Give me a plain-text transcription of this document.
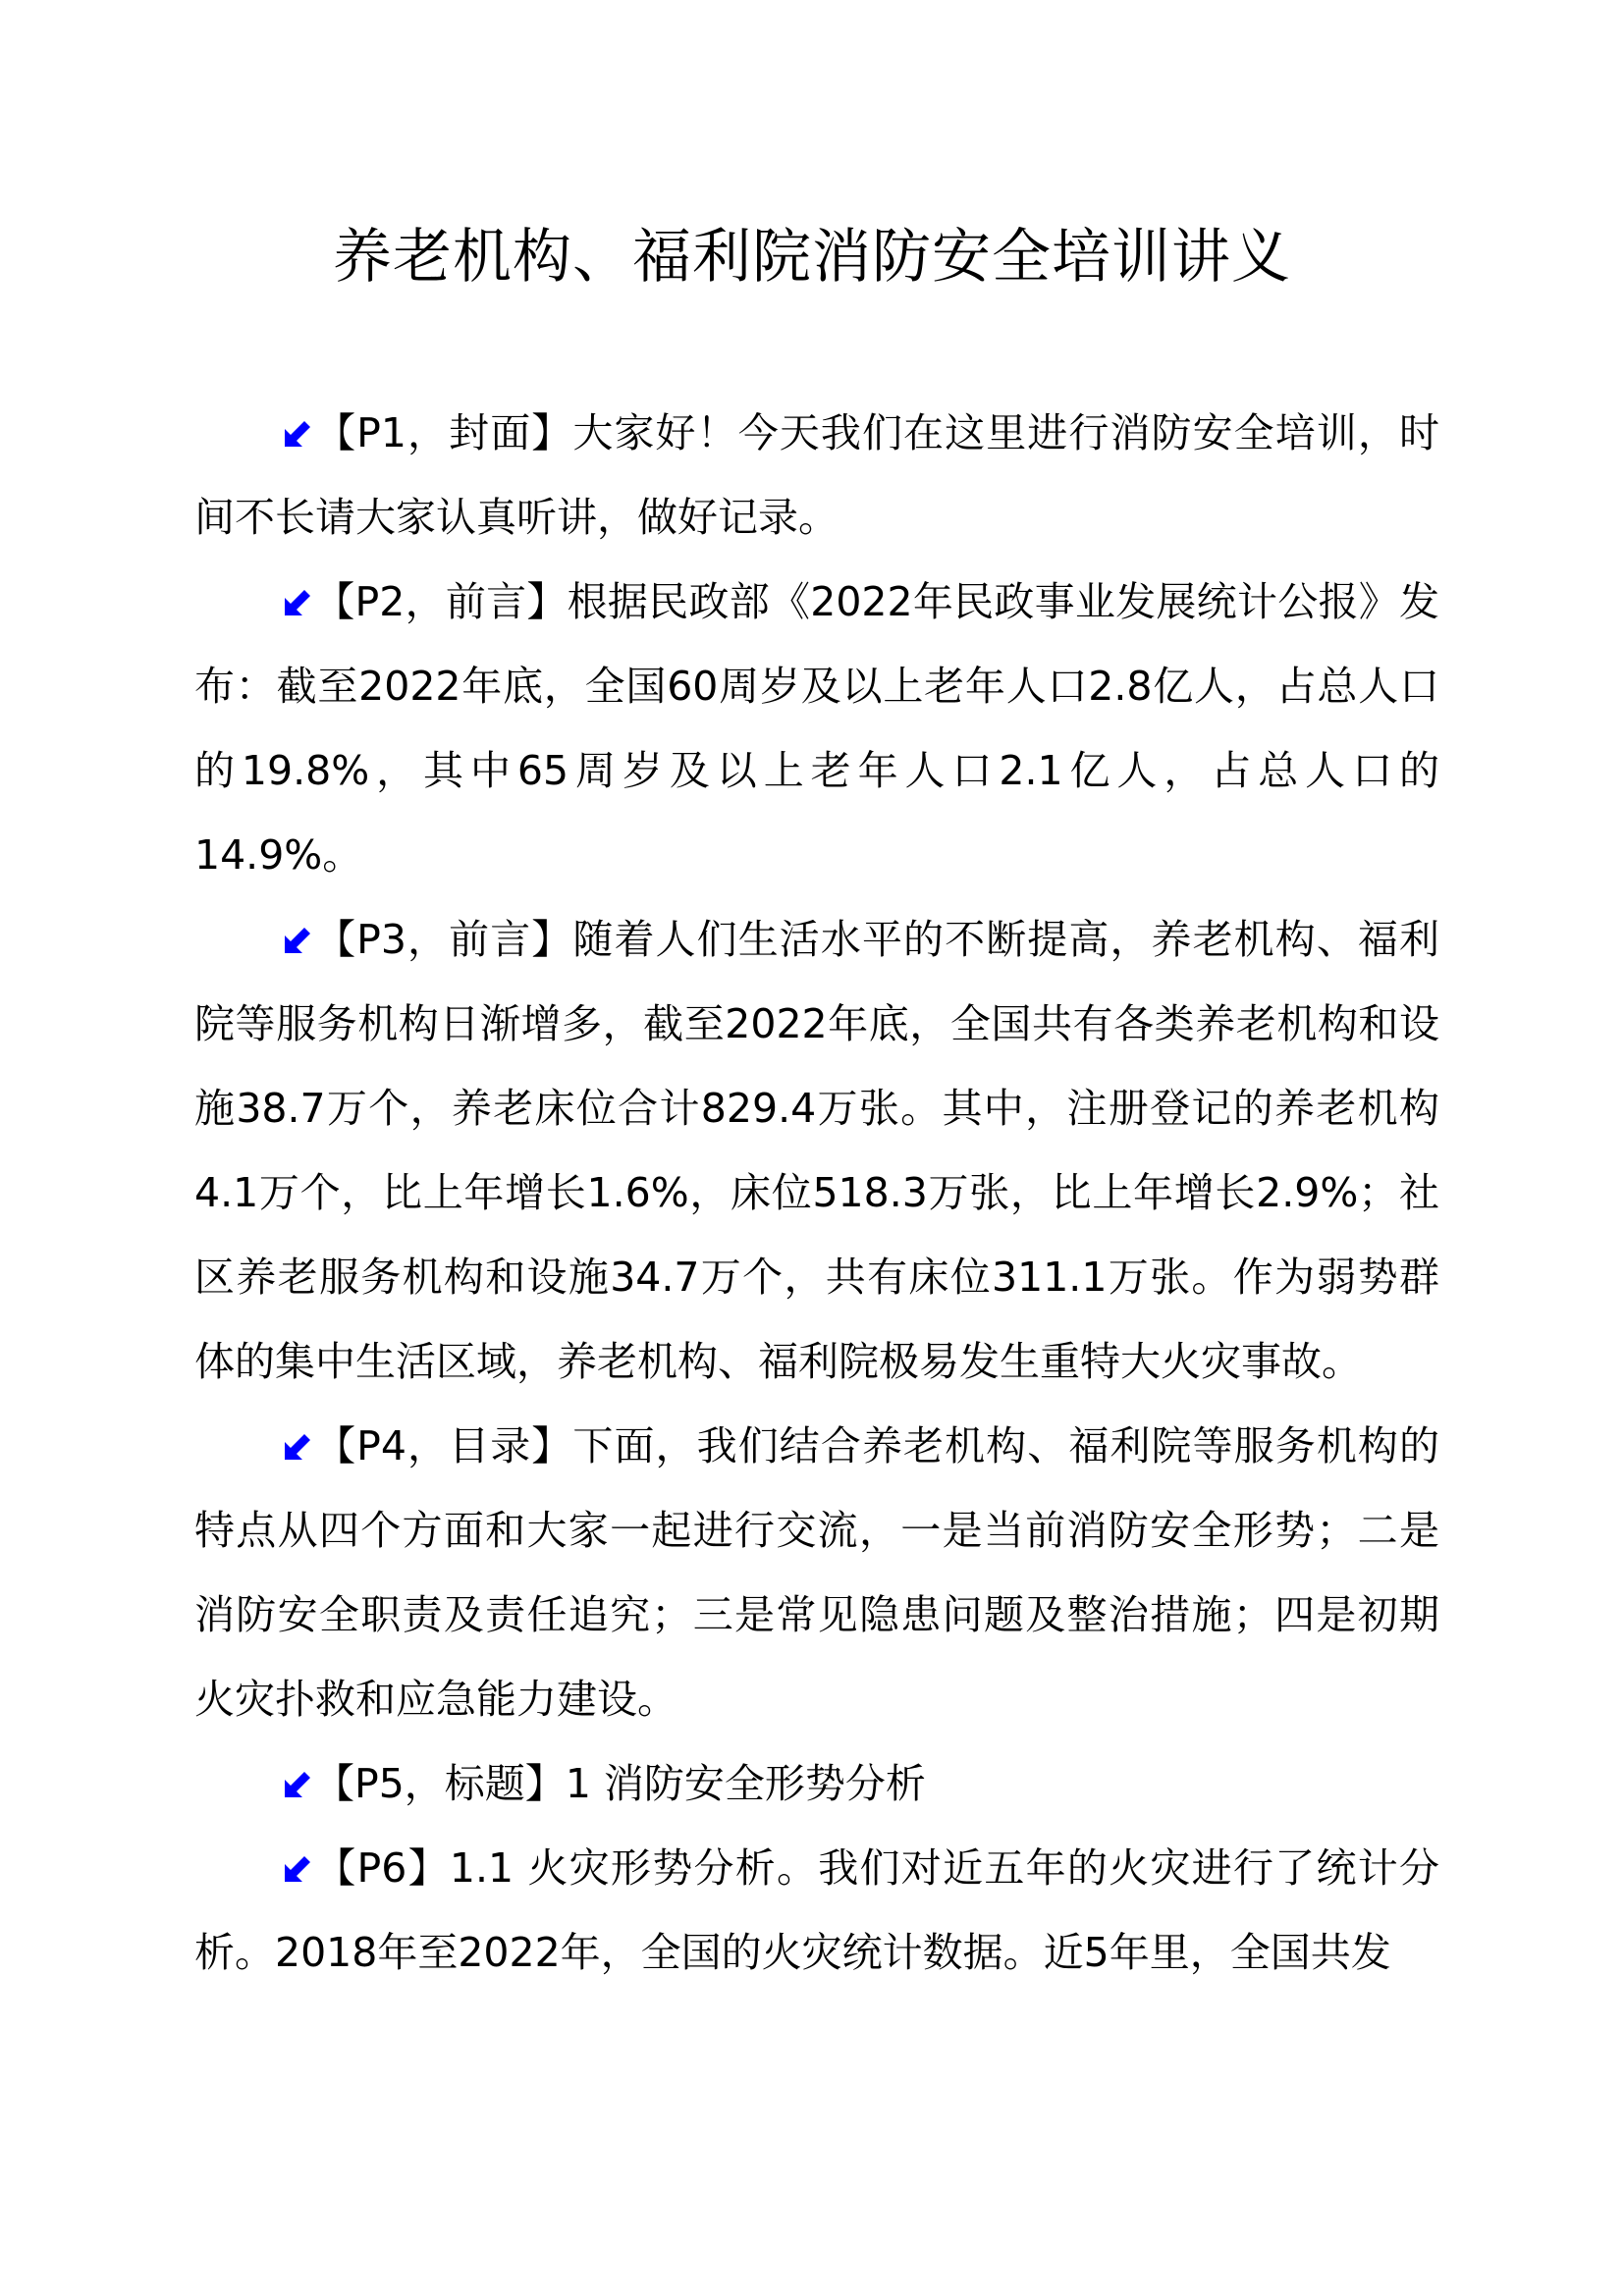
养老机构、福利院消防安全培训讲义

【P1，封面】大家好！今天我们在这里进行消防安全培训，时间不长请大家认真听讲，做好记录。

【P2，前言】根据民政部《2022年民政事业发展统计公报》发布：截至2022年底，全国60周岁及以上老年人口2.8亿人，占总人口的19.8%，其中65周岁及以上老年人口2.1亿人，占总人口的14.9%。

【P3，前言】随着人们生活水平的不断提高，养老机构、福利院等服务机构日渐增多，截至2022年底，全国共有各类养老机构和设施38.7万个，养老床位合计829.4万张。其中，注册登记的养老机构4.1万个，比上年增长1.6%，床位518.3万张，比上年增长2.9%；社区养老服务机构和设施34.7万个，共有床位311.1万张。作为弱势群体的集中生活区域，养老机构、福利院极易发生重特大火灾事故。

【P4，目录】下面，我们结合养老机构、福利院等服务机构的特点从四个方面和大家一起进行交流，一是当前消防安全形势；二是消防安全职责及责任追究；三是常见隐患问题及整治措施；四是初期火灾扑救和应急能力建设。

【P5，标题】1 消防安全形势分析

【P6】1.1 火灾形势分析。我们对近五年的火灾进行了统计分析。2018年至2022年，全国的火灾统计数据。近5年里，全国共发
